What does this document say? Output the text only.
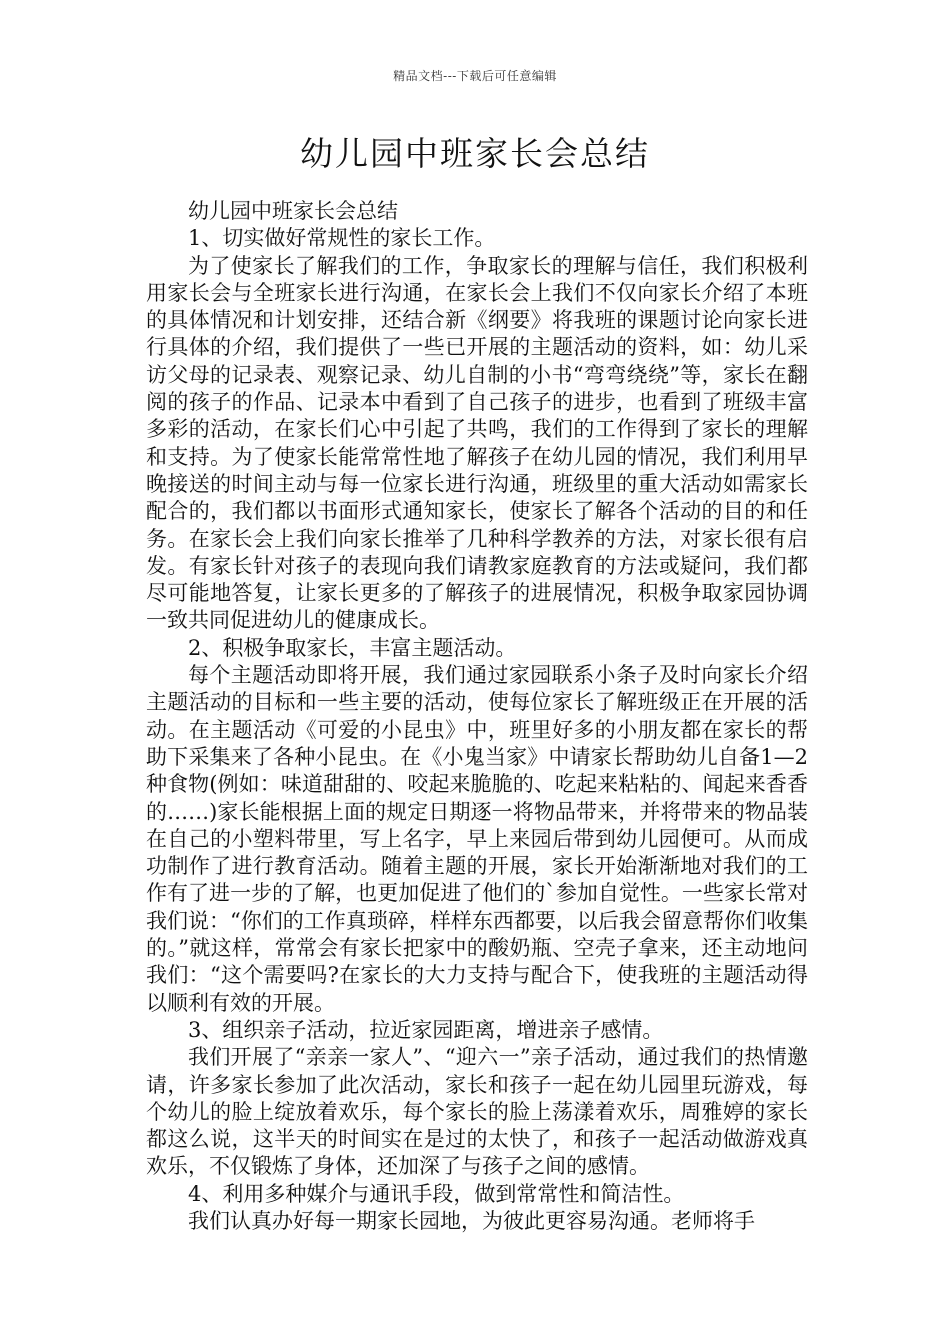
精品文档---下载后可任意编辑
幼儿园中班家长会总结

幼儿园中班家长会总结

1、切实做好常规性的家长工作。

为了使家长了解我们的工作，争取家长的理解与信任，我们积极利用家长会与全班家长进行沟通，在家长会上我们不仅向家长介绍了本班的具体情况和计划安排，还结合新《纲要》将我班的课题讨论向家长进行具体的介绍，我们提供了一些已开展的主题活动的资料，如：幼儿采访父母的记录表、观察记录、幼儿自制的小书“弯弯绕绕”等，家长在翻阅的孩子的作品、记录本中看到了自己孩子的进步，也看到了班级丰富多彩的活动，在家长们心中引起了共鸣，我们的工作得到了家长的理解和支持。为了使家长能常常性地了解孩子在幼儿园的情况，我们利用早晚接送的时间主动与每一位家长进行沟通，班级里的重大活动如需家长配合的，我们都以书面形式通知家长，使家长了解各个活动的目的和任务。在家长会上我们向家长推举了几种科学教养的方法，对家长很有启发。有家长针对孩子的表现向我们请教家庭教育的方法或疑问，我们都尽可能地答复，让家长更多的了解孩子的进展情况，积极争取家园协调一致共同促进幼儿的健康成长。

2、积极争取家长，丰富主题活动。

每个主题活动即将开展，我们通过家园联系小条子及时向家长介绍主题活动的目标和一些主要的活动，使每位家长了解班级正在开展的活动。在主题活动《可爱的小昆虫》中，班里好多的小朋友都在家长的帮助下采集来了各种小昆虫。在《小鬼当家》中请家长帮助幼儿自备1—2种食物(例如：味道甜甜的、咬起来脆脆的、吃起来粘粘的、闻起来香香的……)家长能根据上面的规定日期逐一将物品带来，并将带来的物品装在自己的小塑料带里，写上名字，早上来园后带到幼儿园便可。从而成功制作了进行教育活动。随着主题的开展，家长开始渐渐地对我们的工作有了进一步的了解，也更加促进了他们的`参加自觉性。一些家长常对我们说：“你们的工作真琐碎，样样东西都要，以后我会留意帮你们收集的。”就这样，常常会有家长把家中的酸奶瓶、空壳子拿来，还主动地问我们：“这个需要吗?在家长的大力支持与配合下，使我班的主题活动得以顺利有效的开展。

3、组织亲子活动，拉近家园距离，增进亲子感情。

我们开展了“亲亲一家人”、“迎六一”亲子活动，通过我们的热情邀请，许多家长参加了此次活动，家长和孩子一起在幼儿园里玩游戏，每个幼儿的脸上绽放着欢乐，每个家长的脸上荡漾着欢乐，周雅婷的家长都这么说，这半天的时间实在是过的太快了，和孩子一起活动做游戏真欢乐，不仅锻炼了身体，还加深了与孩子之间的感情。

4、利用多种媒介与通讯手段，做到常常性和简洁性。

我们认真办好每一期家长园地，为彼此更容易沟通。老师将手
